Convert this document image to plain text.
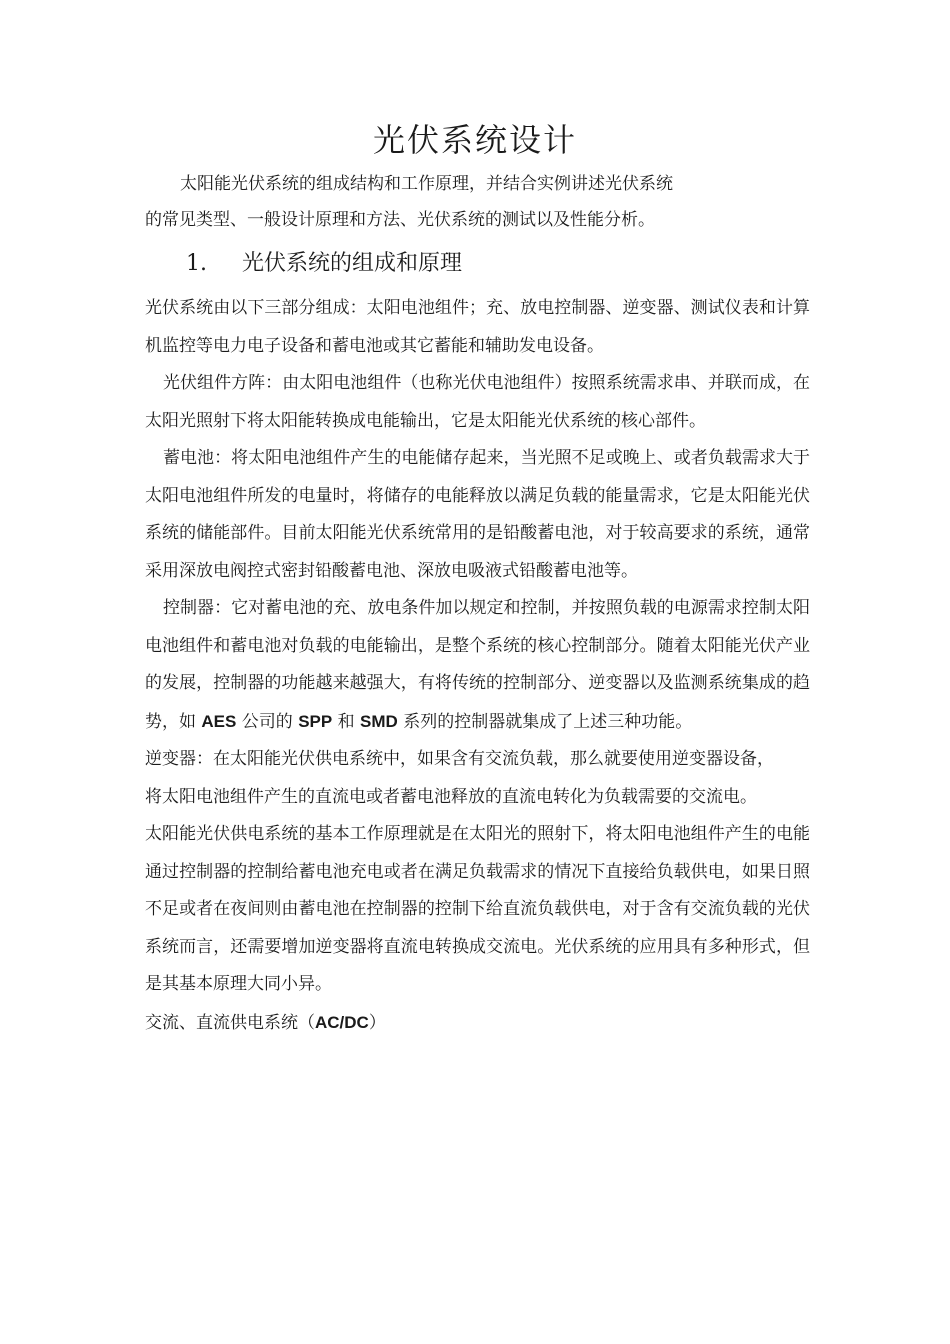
光伏系统设计

太阳能光伏系统的组成结构和工作原理，并结合实例讲述光伏系统

的常见类型、一般设计原理和方法、光伏系统的测试以及性能分析。

1. 光伏系统的组成和原理

光伏系统由以下三部分组成：太阳电池组件；充、放电控制器、逆变器、测试仪表和计算机监控等电力电子设备和蓄电池或其它蓄能和辅助发电设备。

光伏组件方阵：由太阳电池组件（也称光伏电池组件）按照系统需求串、并联而成，在太阳光照射下将太阳能转换成电能输出，它是太阳能光伏系统的核心部件。

蓄电池：将太阳电池组件产生的电能储存起来，当光照不足或晚上、或者负载需求大于太阳电池组件所发的电量时，将储存的电能释放以满足负载的能量需求，它是太阳能光伏系统的储能部件。目前太阳能光伏系统常用的是铅酸蓄电池，对于较高要求的系统，通常采用深放电阀控式密封铅酸蓄电池、深放电吸液式铅酸蓄电池等。

控制器：它对蓄电池的充、放电条件加以规定和控制，并按照负载的电源需求控制太阳电池组件和蓄电池对负载的电能输出，是整个系统的核心控制部分。随着太阳能光伏产业的发展，控制器的功能越来越强大，有将传统的控制部分、逆变器以及监测系统集成的趋势，如 AES 公司的 SPP 和 SMD 系列的控制器就集成了上述三种功能。

逆变器：在太阳能光伏供电系统中，如果含有交流负载，那么就要使用逆变器设备，

将太阳电池组件产生的直流电或者蓄电池释放的直流电转化为负载需要的交流电。

太阳能光伏供电系统的基本工作原理就是在太阳光的照射下，将太阳电池组件产生的电能通过控制器的控制给蓄电池充电或者在满足负载需求的情况下直接给负载供电，如果日照不足或者在夜间则由蓄电池在控制器的控制下给直流负载供电，对于含有交流负载的光伏系统而言，还需要增加逆变器将直流电转换成交流电。光伏系统的应用具有多种形式，但是其基本原理大同小异。

交流、直流供电系统（AC/DC）
